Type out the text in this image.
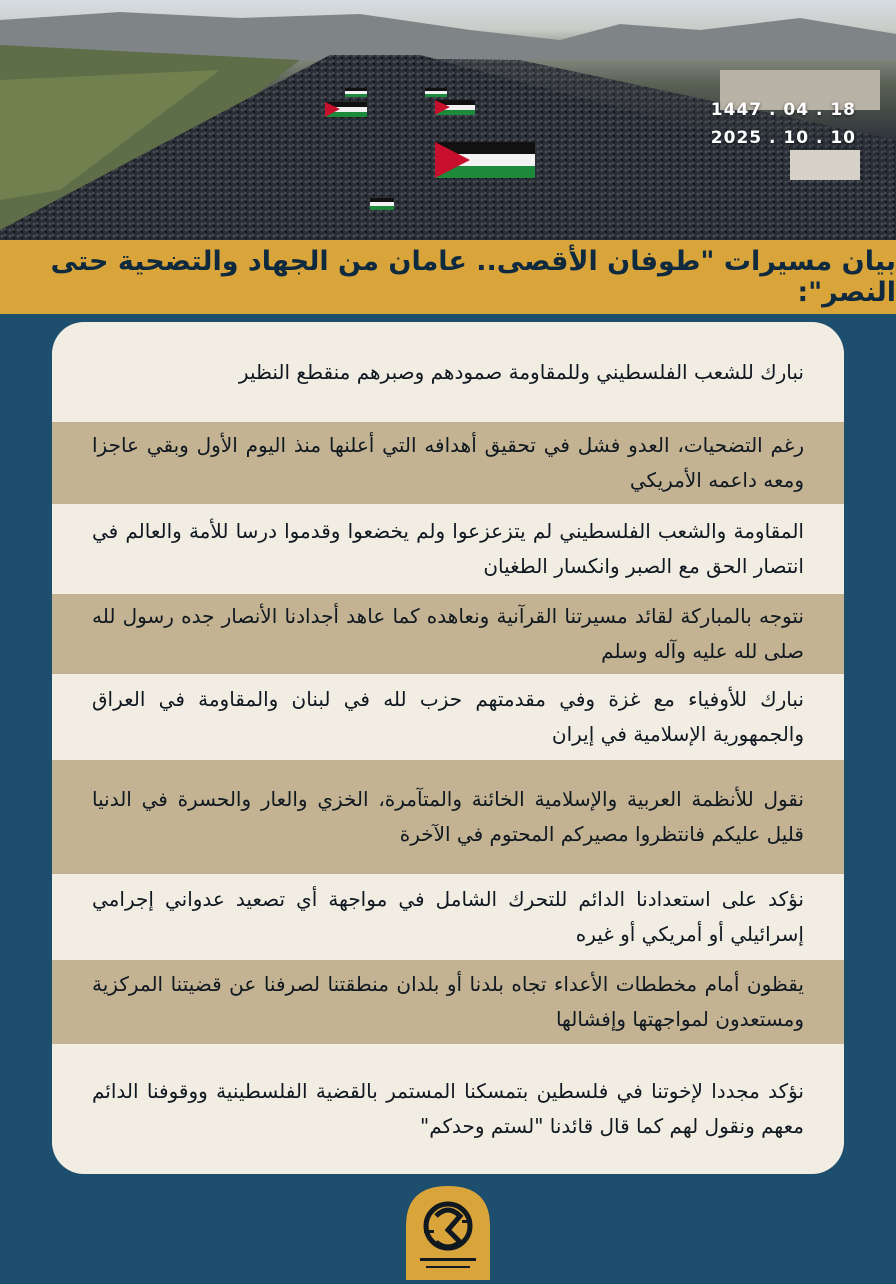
1447 . 04 . 18
2025 . 10 . 10
بيان مسيرات "طوفان الأقصى.. عامان من الجهاد والتضحية حتى النصر":
نبارك للشعب الفلسطيني وللمقاومة صمودهم وصبرهم منقطع النظير
رغم التضحيات، العدو فشل في تحقيق أهدافه التي أعلنها منذ اليوم الأول وبقي عاجزا ومعه داعمه الأمريكي
المقاومة والشعب الفلسطيني لم يتزعزعوا ولم يخضعوا وقدموا درسا للأمة والعالم في انتصار الحق مع الصبر وانكسار الطغيان
نتوجه بالمباركة لقائد مسيرتنا القرآنية ونعاهده كما عاهد أجدادنا الأنصار جده رسول لله صلى لله عليه وآله وسلم
نبارك للأوفياء مع غزة وفي مقدمتهم حزب لله في لبنان والمقاومة في العراق والجمهورية الإسلامية في إيران
نقول للأنظمة العربية والإسلامية الخائنة والمتآمرة، الخزي والعار والحسرة في الدنيا قليل عليكم فانتظروا مصيركم المحتوم في الآخرة
نؤكد على استعدادنا الدائم للتحرك الشامل في مواجهة أي تصعيد عدواني إجرامي إسرائيلي أو أمريكي أو غيره
يقظون أمام مخططات الأعداء تجاه بلدنا أو بلدان منطقتنا لصرفنا عن قضيتنا المركزية ومستعدون لمواجهتها وإفشالها
نؤكد مجددا لإخوتنا في فلسطين بتمسكنا المستمر بالقضية الفلسطينية ووقوفنا الدائم معهم ونقول لهم كما قال قائدنا "لستم وحدكم"
